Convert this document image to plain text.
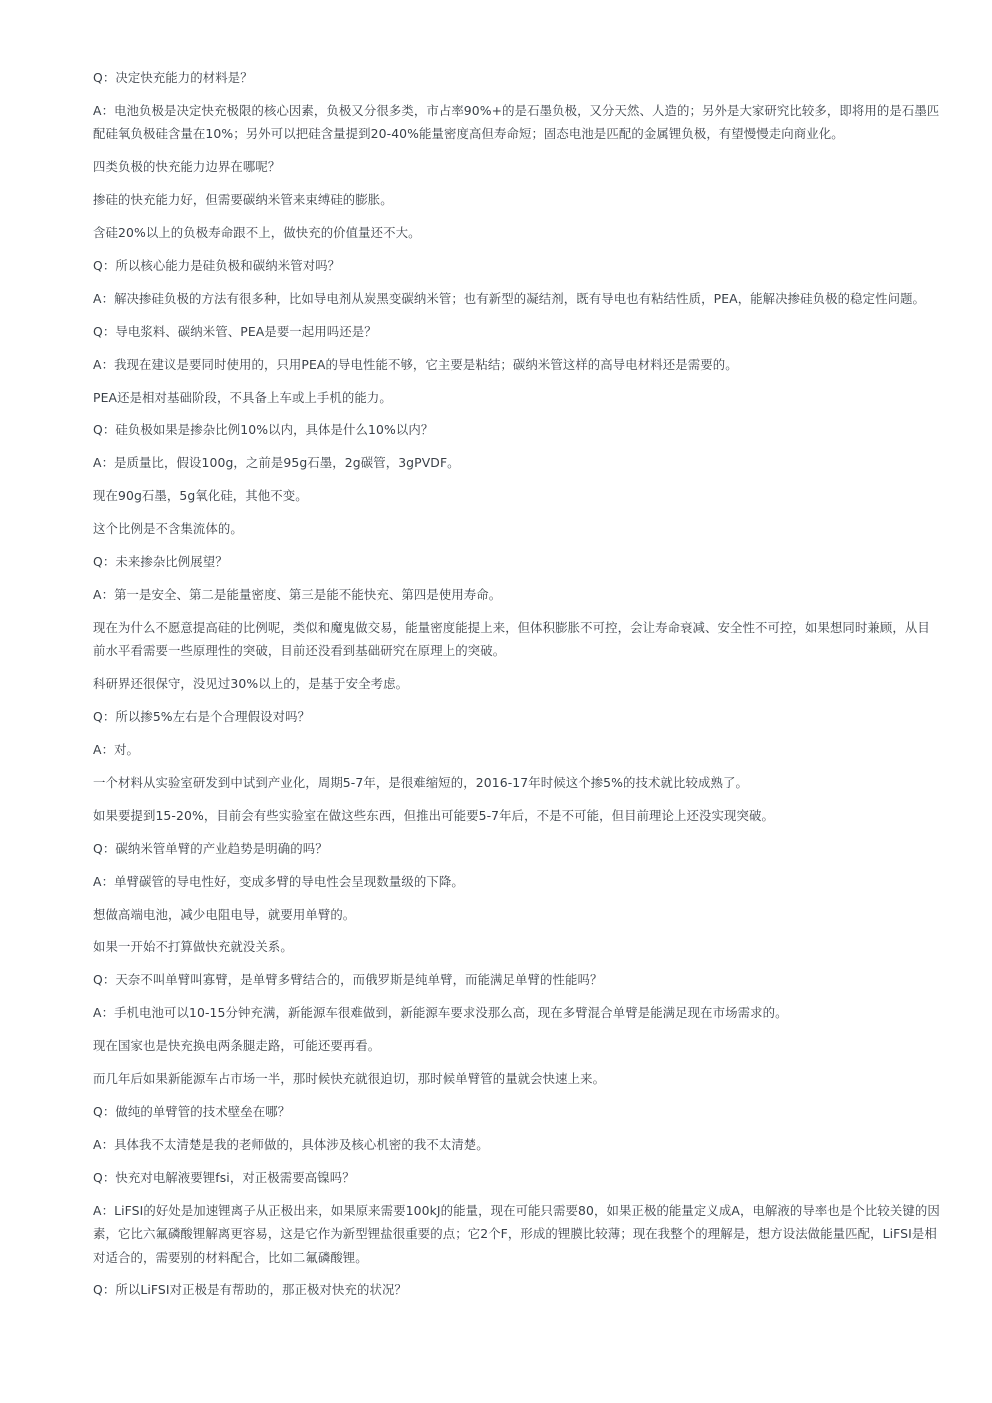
Q：决定快充能力的材料是？

A：电池负极是决定快充极限的核心因素，负极又分很多类，市占率90%+的是石墨负极，又分天然、人造的；另外是大家研究比较多，即将用的是石墨匹配硅氧负极硅含量在10%；另外可以把硅含量提到20-40%能量密度高但寿命短；固态电池是匹配的金属锂负极，有望慢慢走向商业化。

四类负极的快充能力边界在哪呢？

掺硅的快充能力好，但需要碳纳米管来束缚硅的膨胀。

含硅20%以上的负极寿命跟不上，做快充的价值量还不大。

Q：所以核心能力是硅负极和碳纳米管对吗？

A：解决掺硅负极的方法有很多种，比如导电剂从炭黑变碳纳米管；也有新型的凝结剂，既有导电也有粘结性质，PEA，能解决掺硅负极的稳定性问题。

Q：导电浆料、碳纳米管、PEA是要一起用吗还是？

A：我现在建议是要同时使用的，只用PEA的导电性能不够，它主要是粘结；碳纳米管这样的高导电材料还是需要的。

PEA还是相对基础阶段，不具备上车或上手机的能力。

Q：硅负极如果是掺杂比例10%以内，具体是什么10%以内？

A：是质量比，假设100g，之前是95g石墨，2g碳管，3gPVDF。

现在90g石墨，5g氧化硅，其他不变。

这个比例是不含集流体的。

Q：未来掺杂比例展望？

A：第一是安全、第二是能量密度、第三是能不能快充、第四是使用寿命。

现在为什么不愿意提高硅的比例呢，类似和魔鬼做交易，能量密度能提上来，但体积膨胀不可控，会让寿命衰减、安全性不可控，如果想同时兼顾，从目前水平看需要一些原理性的突破，目前还没看到基础研究在原理上的突破。

科研界还很保守，没见过30%以上的，是基于安全考虑。

Q：所以掺5%左右是个合理假设对吗？

A：对。

一个材料从实验室研发到中试到产业化，周期5-7年，是很难缩短的，2016-17年时候这个掺5%的技术就比较成熟了。

如果要提到15-20%，目前会有些实验室在做这些东西，但推出可能要5-7年后，不是不可能，但目前理论上还没实现突破。

Q：碳纳米管单臂的产业趋势是明确的吗？

A：单臂碳管的导电性好，变成多臂的导电性会呈现数量级的下降。

想做高端电池，减少电阻电导，就要用单臂的。

如果一开始不打算做快充就没关系。

Q：天奈不叫单臂叫寡臂，是单臂多臂结合的，而俄罗斯是纯单臂，而能满足单臂的性能吗？

A：手机电池可以10-15分钟充满，新能源车很难做到，新能源车要求没那么高，现在多臂混合单臂是能满足现在市场需求的。

现在国家也是快充换电两条腿走路，可能还要再看。

而几年后如果新能源车占市场一半，那时候快充就很迫切，那时候单臂管的量就会快速上来。

Q：做纯的单臂管的技术壁垒在哪？

A：具体我不太清楚是我的老师做的，具体涉及核心机密的我不太清楚。

Q：快充对电解液要锂fsi，对正极需要高镍吗？

A：LiFSI的好处是加速锂离子从正极出来，如果原来需要100kJ的能量，现在可能只需要80，如果正极的能量定义成A，电解液的导率也是个比较关键的因素，它比六氟磷酸锂解离更容易，这是它作为新型锂盐很重要的点；它2个F，形成的锂膜比较薄；现在我整个的理解是，想方设法做能量匹配，LiFSI是相对适合的，需要别的材料配合，比如二氟磷酸锂。

Q：所以LiFSI对正极是有帮助的，那正极对快充的状况？
